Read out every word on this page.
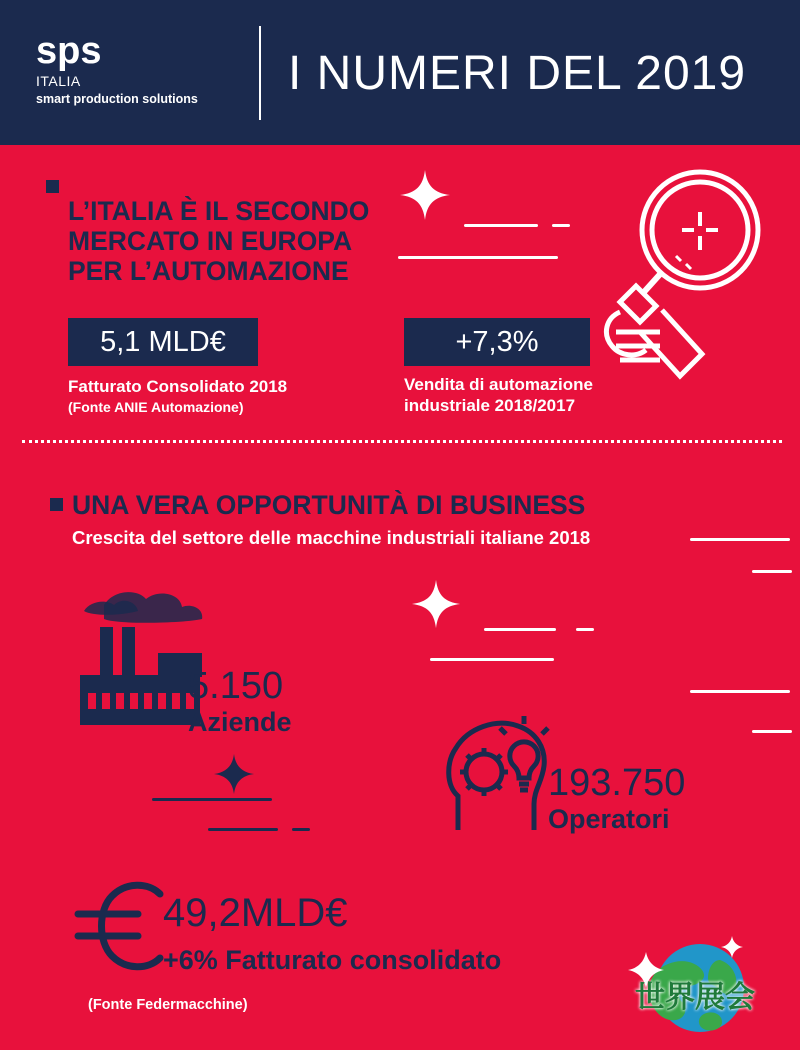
sps
ITALIA
smart production solutions I NUMERI DEL 2019
L’ITALIA È IL SECONDO MERCATO IN EUROPA PER L’AUTOMAZIONE
5,1 MLD€
Fatturato Consolidato 2018
(Fonte ANIE Automazione)
+7,3%
Vendita di automazione
industriale 2018/2017
UNA VERA OPPORTUNITÀ DI BUSINESS
Crescita del settore delle macchine industriali italiane 2018
5.150
Aziende
193.750
Operatori
49,2MLD€
+6% Fatturato consolidato
(Fonte Federmacchine)	世界展会
